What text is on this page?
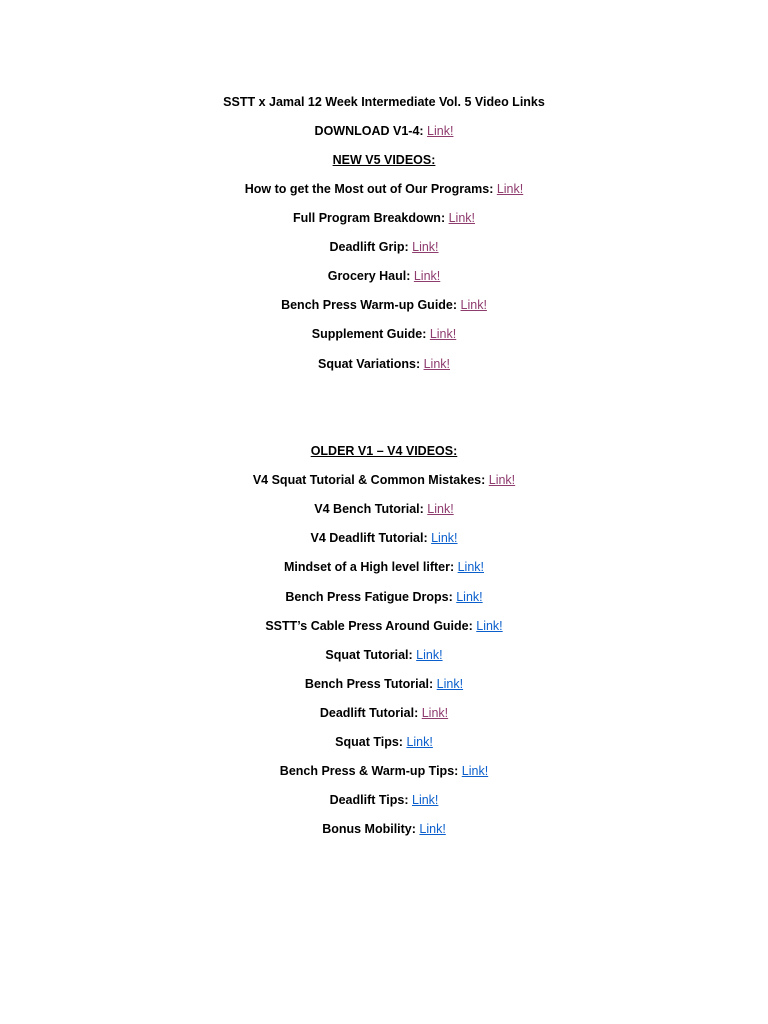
SSTT x Jamal 12 Week Intermediate Vol. 5 Video Links
DOWNLOAD V1-4: Link!
NEW V5 VIDEOS:
How to get the Most out of Our Programs: Link!
Full Program Breakdown: Link!
Deadlift Grip: Link!
Grocery Haul: Link!
Bench Press Warm-up Guide: Link!
Supplement Guide: Link!
Squat Variations: Link!
OLDER V1 – V4 VIDEOS:
V4 Squat Tutorial & Common Mistakes: Link!
V4 Bench Tutorial: Link!
V4 Deadlift Tutorial: Link!
Mindset of a High level lifter: Link!
Bench Press Fatigue Drops: Link!
SSTT’s Cable Press Around Guide: Link!
Squat Tutorial: Link!
Bench Press Tutorial: Link!
Deadlift Tutorial: Link!
Squat Tips: Link!
Bench Press & Warm-up Tips: Link!
Deadlift Tips: Link!
Bonus Mobility: Link!
